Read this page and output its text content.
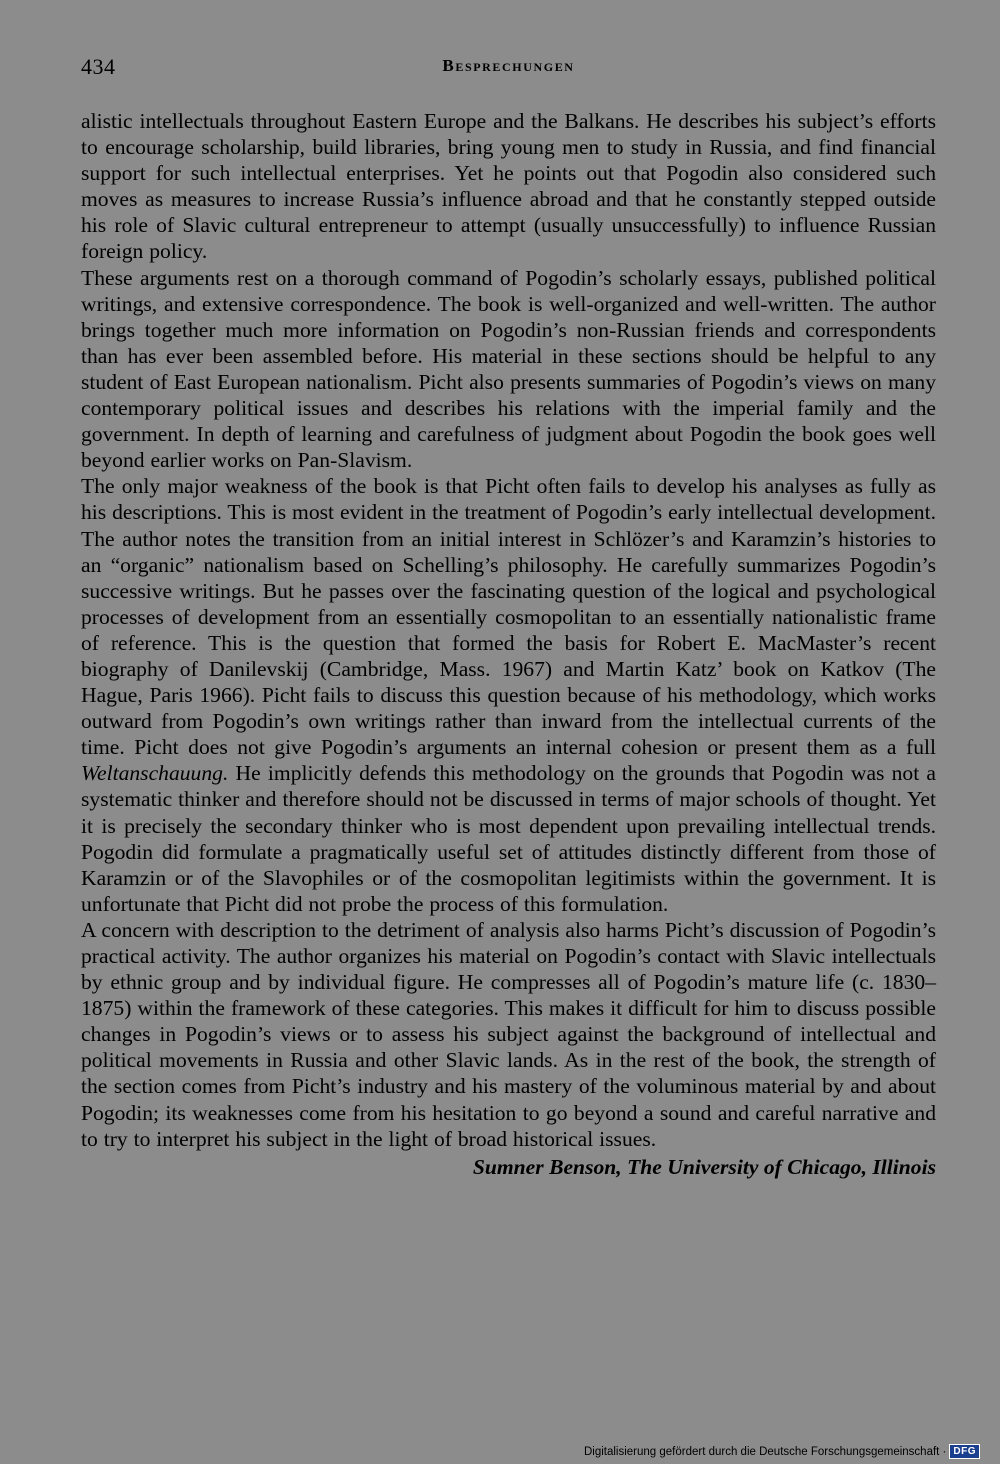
434	Besprechungen

alistic intellectuals throughout Eastern Europe and the Balkans. He describes his subject’s efforts to encourage scholarship, build libraries, bring young men to study in Russia, and find financial support for such intellectual enterprises. Yet he points out that Pogodin also considered such moves as measures to increase Russia’s influence abroad and that he constantly stepped outside his role of Slavic cultural entrepreneur to attempt (usually unsuccessfully) to influence Russian foreign policy.

These arguments rest on a thorough command of Pogodin’s scholarly essays, published political writings, and extensive correspondence. The book is well-organized and well-written. The author brings together much more information on Pogodin’s non-Russian friends and correspondents than has ever been assembled before. His material in these sections should be helpful to any student of East European nationalism. Picht also presents summaries of Pogodin’s views on many contemporary political issues and describes his relations with the imperial family and the government. In depth of learning and carefulness of judgment about Pogodin the book goes well beyond earlier works on Pan-Slavism.

The only major weakness of the book is that Picht often fails to develop his analyses as fully as his descriptions. This is most evident in the treatment of Pogodin’s early intellectual development. The author notes the transition from an initial interest in Schlözer’s and Karamzin’s histories to an “organic” nationalism based on Schelling’s philosophy. He carefully summarizes Pogodin’s successive writings. But he passes over the fascinating question of the logical and psychological processes of development from an essentially cosmopolitan to an essentially nationalistic frame of reference. This is the question that formed the basis for Robert E. MacMaster’s recent biography of Danilevskij (Cambridge, Mass. 1967) and Martin Katz’ book on Katkov (The Hague, Paris 1966). Picht fails to discuss this question because of his methodology, which works outward from Pogodin’s own writings rather than inward from the intellectual currents of the time. Picht does not give Pogodin’s arguments an internal cohesion or present them as a full Weltanschauung. He implicitly defends this methodology on the grounds that Pogodin was not a systematic thinker and therefore should not be discussed in terms of major schools of thought. Yet it is precisely the secondary thinker who is most dependent upon prevailing intellectual trends. Pogodin did formulate a pragmatically useful set of attitudes distinctly different from those of Karamzin or of the Slavophiles or of the cosmopolitan legitimists within the government. It is unfortunate that Picht did not probe the process of this formulation.

A concern with description to the detriment of analysis also harms Picht’s discussion of Pogodin’s practical activity. The author organizes his material on Pogodin’s contact with Slavic intellectuals by ethnic group and by individual figure. He compresses all of Pogodin’s mature life (c. 1830–1875) within the framework of these categories. This makes it difficult for him to discuss possible changes in Pogodin’s views or to assess his subject against the background of intellectual and political movements in Russia and other Slavic lands. As in the rest of the book, the strength of the section comes from Picht’s industry and his mastery of the voluminous material by and about Pogodin; its weaknesses come from his hesitation to go beyond a sound and careful narrative and to try to interpret his subject in the light of broad historical issues.

Sumner Benson, The University of Chicago, Illinois

Digitalisierung gefördert durch die Deutsche Forschungsgemeinschaft · DFG
